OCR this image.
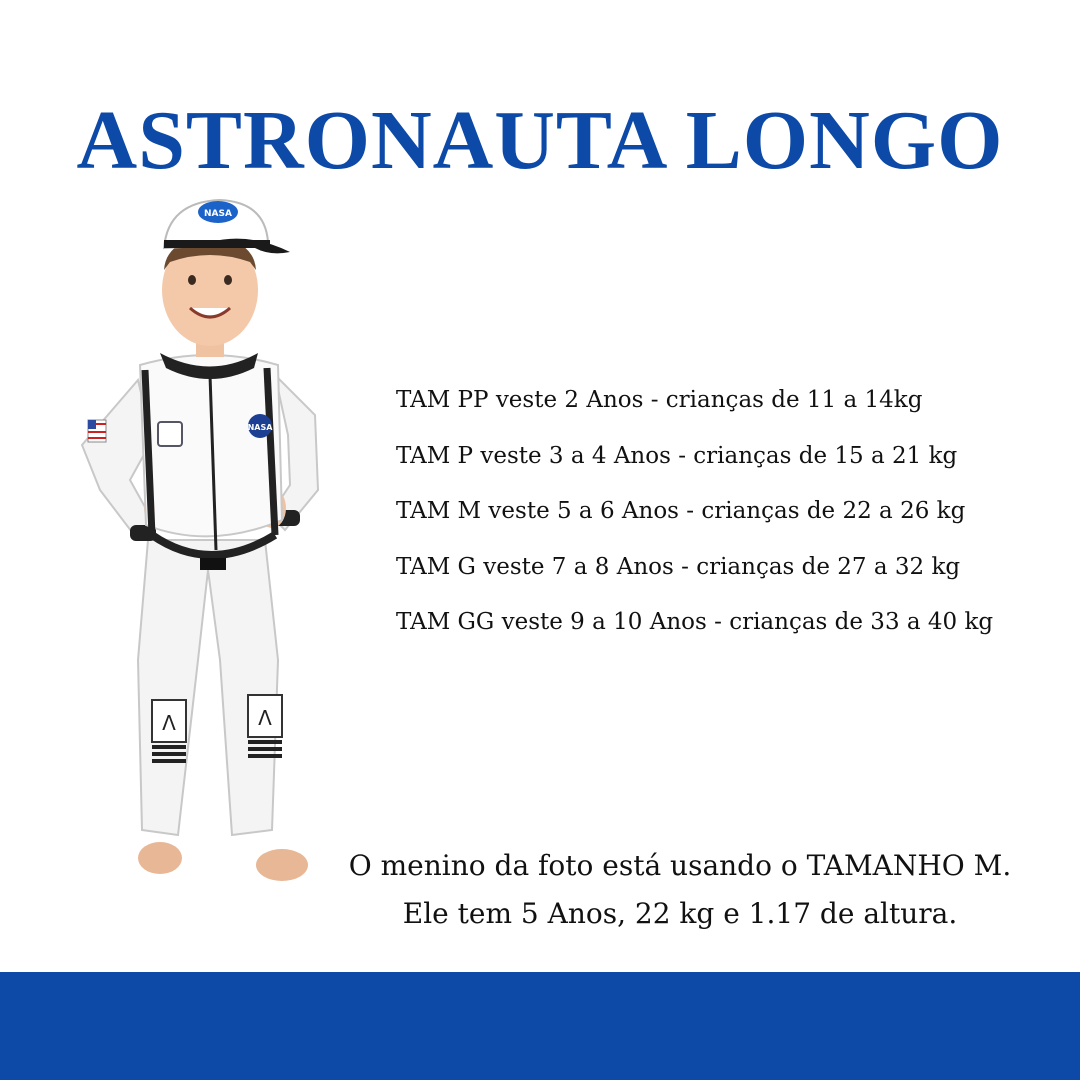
ASTRONAUTA LONGO
Λ	Λ
NASA
NASA
TAM PP veste 2 Anos - crianças de 11 a 14kg
TAM P veste 3 a 4 Anos - crianças de 15 a 21 kg
TAM M veste 5 a 6 Anos - crianças de 22 a 26 kg
TAM G veste 7 a 8 Anos - crianças de 27 a 32 kg
TAM GG veste 9 a 10 Anos - crianças de 33 a 40 kg
O menino da foto está usando o TAMANHO M.
Ele tem 5 Anos, 22 kg e 1.17 de altura.
